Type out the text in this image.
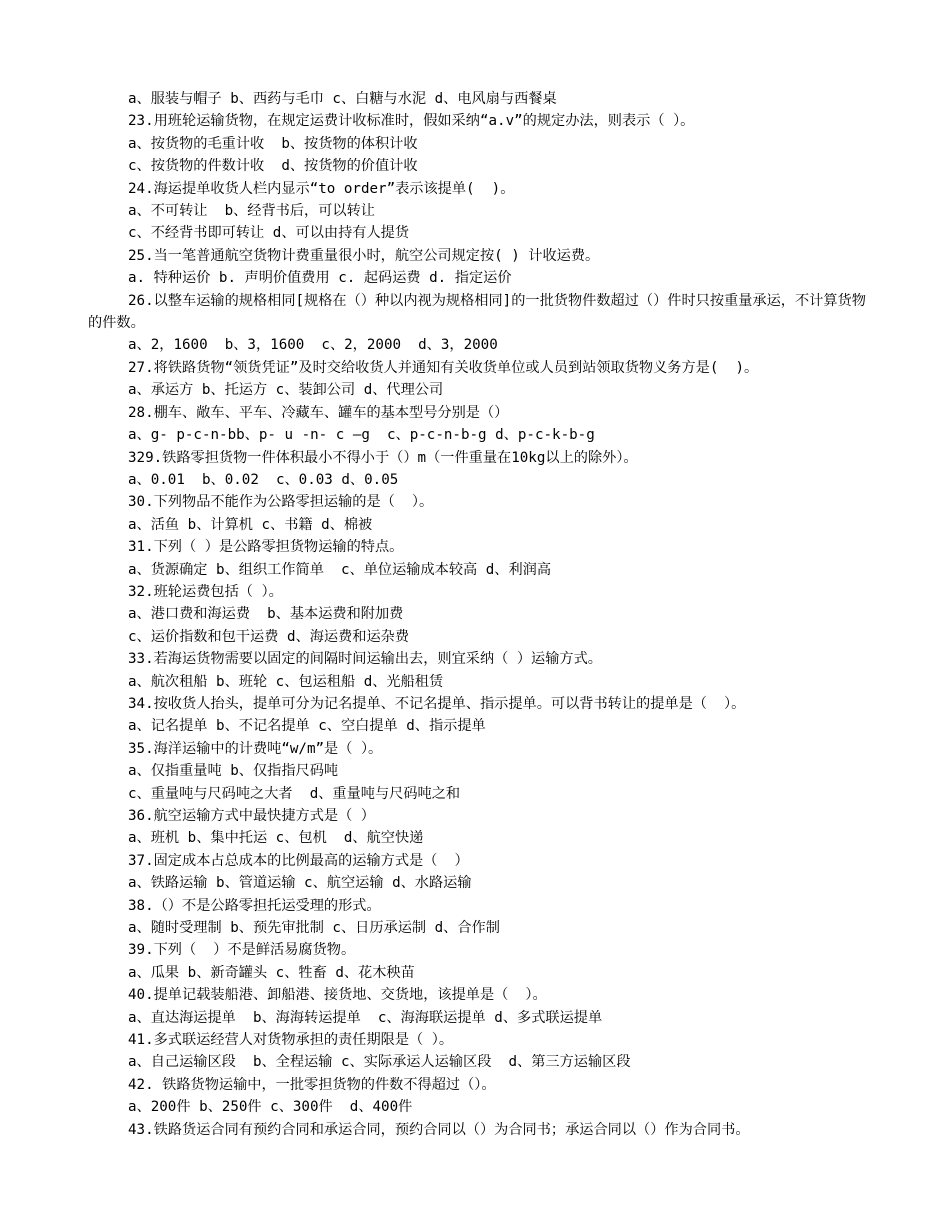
a、服装与帽子 b、西药与毛巾 c、白糖与水泥 d、电风扇与西餐桌

23.用班轮运输货物，在规定运费计收标准时，假如采纳“a.v”的规定办法，则表示（ ）。

a、按货物的毛重计收  b、按货物的体积计收

c、按货物的件数计收  d、按货物的价值计收

24.海运提单收货人栏内显示“to order”表示该提单(  )。

a、不可转让  b、经背书后，可以转让

c、不经背书即可转让 d、可以由持有人提货

25.当一笔普通航空货物计费重量很小时，航空公司规定按( ) 计收运费。

a. 特种运价 b. 声明价值费用 c. 起码运费 d. 指定运价

26.以整车运输的规格相同[规格在（）种以内视为规格相同]的一批货物件数超过（）件时只按重量承运，不计算货物的件数。

a、2，1600  b、3，1600  c、2，2000  d、3，2000

27.将铁路货物“领货凭证”及时交给收货人并通知有关收货单位或人员到站领取货物义务方是(  )。

a、承运方 b、托运方 c、装卸公司 d、代理公司

28.棚车、敞车、平车、冷藏车、罐车的基本型号分别是（）

a、g- p-c-n-bb、p- u -n- c –g  c、p-c-n-b-g d、p-c-k-b-g

329.铁路零担货物一件体积最小不得小于（）m（一件重量在10kg以上的除外）。

a、0.01  b、0.02  c、0.03 d、0.05

30.下列物品不能作为公路零担运输的是（  ）。

a、活鱼 b、计算机 c、书籍 d、棉被

31.下列（ ）是公路零担货物运输的特点。

a、货源确定 b、组织工作简单  c、单位运输成本较高 d、利润高

32.班轮运费包括（ ）。

a、港口费和海运费  b、基本运费和附加费

c、运价指数和包干运费 d、海运费和运杂费

33.若海运货物需要以固定的间隔时间运输出去，则宜采纳（ ）运输方式。

a、航次租船 b、班轮 c、包运租船 d、光船租赁

34.按收货人抬头，提单可分为记名提单、不记名提单、指示提单。可以背书转让的提单是（  ）。

a、记名提单 b、不记名提单 c、空白提单 d、指示提单

35.海洋运输中的计费吨“w/m”是（ ）。

a、仅指重量吨 b、仅指指尺码吨

c、重量吨与尺码吨之大者  d、重量吨与尺码吨之和

36.航空运输方式中最快捷方式是（ ）

a、班机 b、集中托运 c、包机  d、航空快递

37.固定成本占总成本的比例最高的运输方式是（  ）

a、铁路运输 b、管道运输 c、航空运输 d、水路运输

38.（）不是公路零担托运受理的形式。

a、随时受理制 b、预先审批制 c、日历承运制 d、合作制

39.下列（  ）不是鲜活易腐货物。

a、瓜果 b、新奇罐头 c、牲畜 d、花木秧苗

40.提单记载装船港、卸船港、接货地、交货地，该提单是（  ）。

a、直达海运提单  b、海海转运提单  c、海海联运提单 d、多式联运提单

41.多式联运经营人对货物承担的责任期限是（ ）。

a、自己运输区段  b、全程运输 c、实际承运人运输区段  d、第三方运输区段

42. 铁路货物运输中，一批零担货物的件数不得超过（）。

a、200件 b、250件 c、300件  d、400件

43.铁路货运合同有预约合同和承运合同，预约合同以（）为合同书；承运合同以（）作为合同书。
